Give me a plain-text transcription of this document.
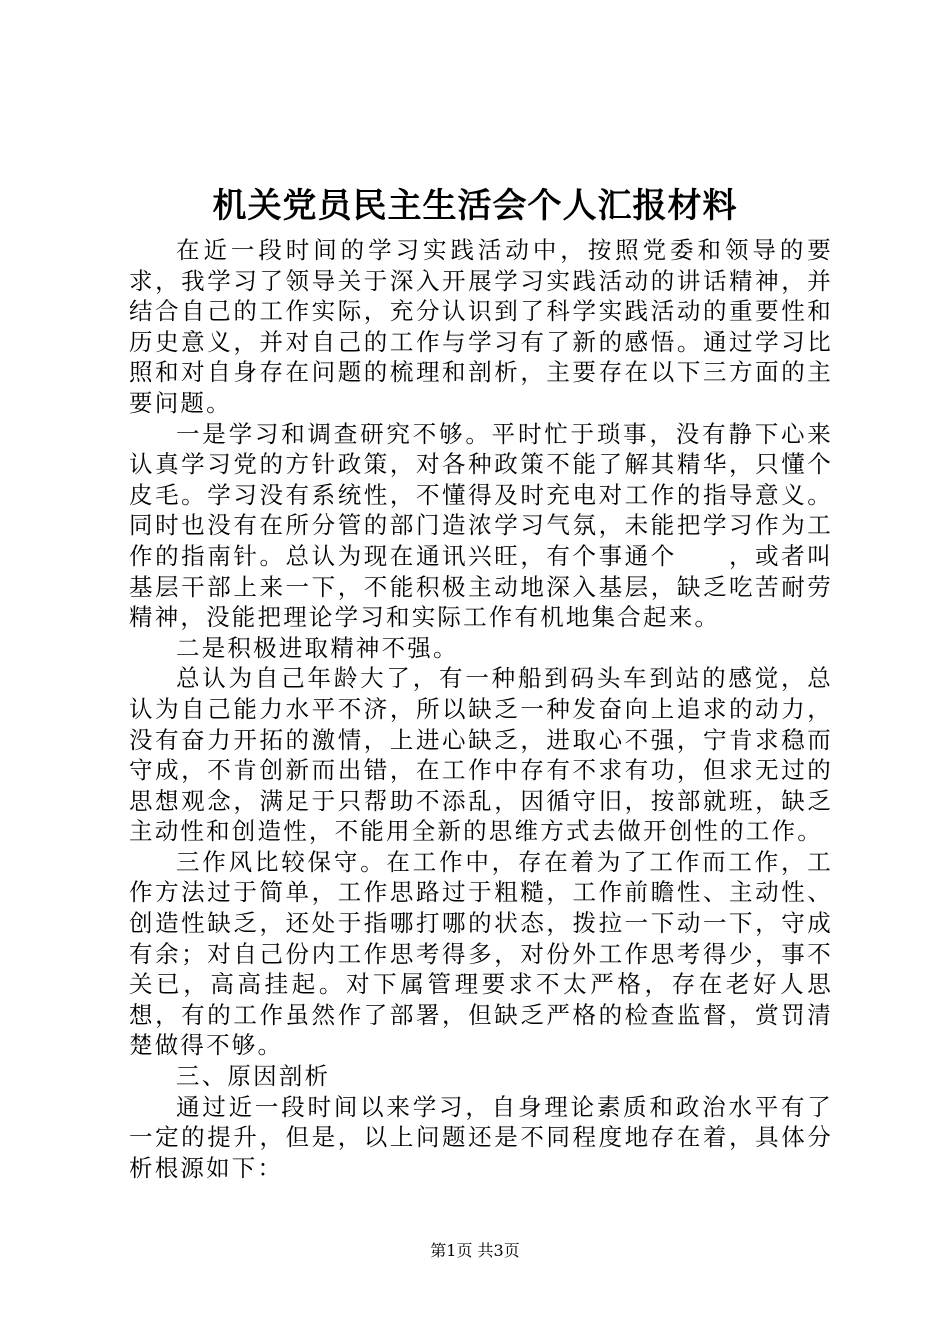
机关党员民主生活会个人汇报材料

在近一段时间的学习实践活动中，按照党委和领导的要求，我学习了领导关于深入开展学习实践活动的讲话精神，并结合自己的工作实际，充分认识到了科学实践活动的重要性和历史意义，并对自己的工作与学习有了新的感悟。通过学习比照和对自身存在问题的梳理和剖析，主要存在以下三方面的主要问题。

一是学习和调查研究不够。平时忙于琐事，没有静下心来认真学习党的方针政策，对各种政策不能了解其精华，只懂个皮毛。学习没有系统性，不懂得及时充电对工作的指导意义。同时也没有在所分管的部门造浓学习气氛，未能把学习作为工作的指南针。总认为现在通讯兴旺，有个事通个　　，或者叫基层干部上来一下，不能积极主动地深入基层，缺乏吃苦耐劳精神，没能把理论学习和实际工作有机地集合起来。

二是积极进取精神不强。

总认为自己年龄大了，有一种船到码头车到站的感觉，总认为自己能力水平不济，所以缺乏一种发奋向上追求的动力，没有奋力开拓的激情，上进心缺乏，进取心不强，宁肯求稳而守成，不肯创新而出错，在工作中存有不求有功，但求无过的思想观念，满足于只帮助不添乱，因循守旧，按部就班，缺乏主动性和创造性，不能用全新的思维方式去做开创性的工作。

三作风比较保守。在工作中，存在着为了工作而工作，工作方法过于简单，工作思路过于粗糙，工作前瞻性、主动性、创造性缺乏，还处于指哪打哪的状态，拨拉一下动一下，守成有余；对自己份内工作思考得多，对份外工作思考得少，事不关已，高高挂起。对下属管理要求不太严格，存在老好人思想，有的工作虽然作了部署，但缺乏严格的检查监督，赏罚清楚做得不够。

三、原因剖析

通过近一段时间以来学习，自身理论素质和政治水平有了一定的提升，但是，以上问题还是不同程度地存在着，具体分析根源如下：

第1页 共3页
